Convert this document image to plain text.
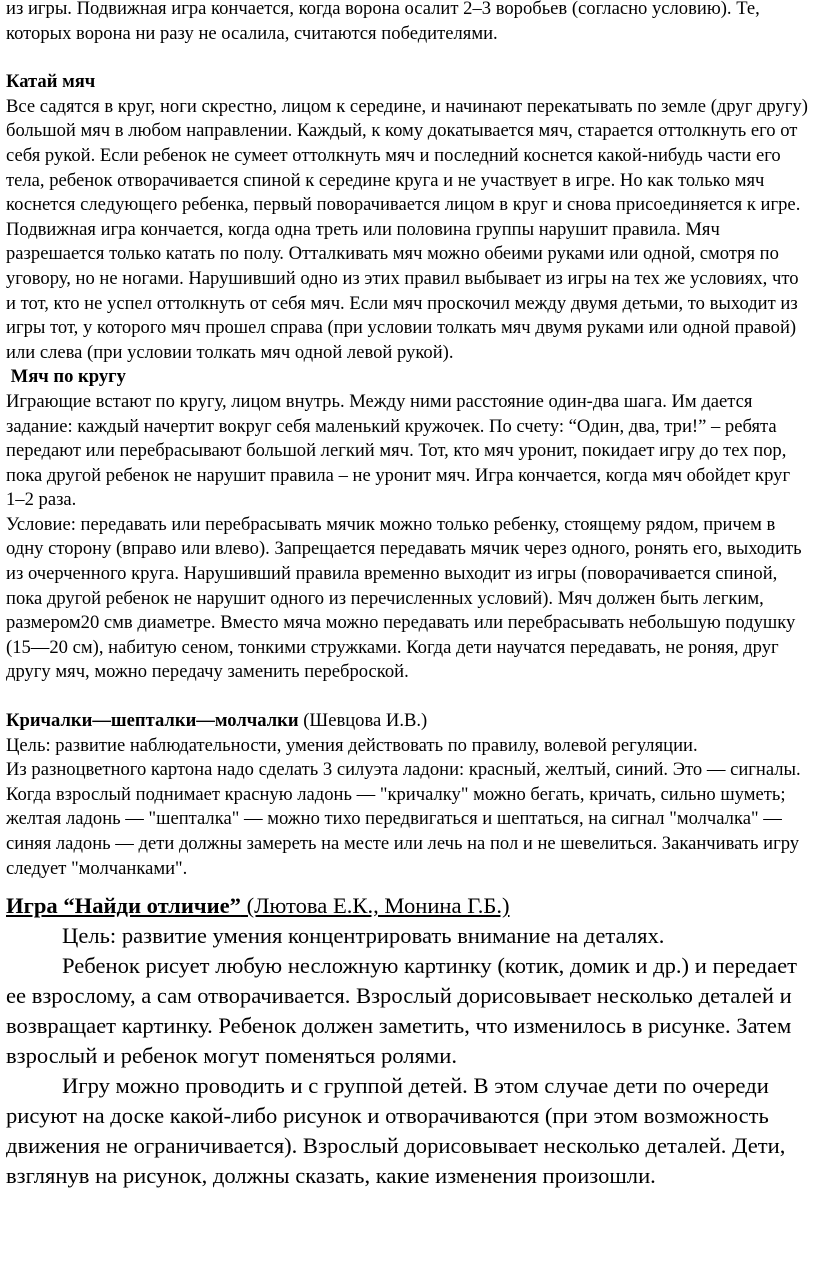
из игры. Подвижная игра кончается, когда ворона осалит 2–3 воробьев (согласно условию). Те, которых ворона ни разу не осалила, считаются победителями.

Катай мяч

Все садятся в круг, ноги скрестно, лицом к середине, и начинают перекатывать по земле (друг другу) большой мяч в любом направлении. Каждый, к кому докатывается мяч, старается оттолкнуть его от себя рукой. Если ребенок не сумеет оттолкнуть мяч и последний коснется какой-нибудь части его тела, ребенок отворачивается спиной к середине круга и не участвует в игре. Но как только мяч коснется следующего ребенка, первый поворачивается лицом в круг и снова присоединяется к игре. Подвижная игра кончается, когда одна треть или половина группы нарушит правила. Мяч разрешается только катать по полу. Отталкивать мяч можно обеими руками или одной, смотря по уговору, но не ногами. Нарушивший одно из этих правил выбывает из игры на тех же условиях, что и тот, кто не успел оттолкнуть от себя мяч. Если мяч проскочил между двумя детьми, то выходит из игры тот, у которого мяч прошел справа (при условии толкать мяч двумя руками или одной правой) или слева (при условии толкать мяч одной левой рукой).

Мяч по кругу

Играющие встают по кругу, лицом внутрь. Между ними расстояние один-два шага. Им дается задание: каждый начертит вокруг себя маленький кружочек. По счету: “Один, два, три!” – ребята передают или перебрасывают большой легкий мяч. Тот, кто мяч уронит, покидает игру до тех пор, пока другой ребенок не нарушит правила – не уронит мяч. Игра кончается, когда мяч обойдет круг 1–2 раза.

Условие: передавать или перебрасывать мячик можно только ребенку, стоящему рядом, причем в одну сторону (вправо или влево). Запрещается передавать мячик через одного, ронять его, выходить из очерченного круга. Нарушивший правила временно выходит из игры (поворачивается спиной, пока другой ребенок не нарушит одного из перечисленных условий). Мяч должен быть легким, размером20 смв диаметре. Вместо мяча можно передавать или перебрасывать небольшую подушку (15—20 см), набитую сеном, тонкими стружками. Когда дети научатся передавать, не роняя, друг другу мяч, можно передачу заменить переброской.

Кричалки—шепталки—молчалки (Шевцова И.В.)

Цель: развитие наблюдательности, умения действовать по правилу, волевой регуляции.

Из разноцветного картона надо сделать 3 силуэта ладони: красный, желтый, синий. Это — сигналы. Когда взрослый поднимает красную ладонь — "кричалку" можно бегать, кричать, сильно шуметь; желтая ладонь — "шепталка" — можно тихо передвигаться и шептаться, на сигнал "молчалка" — синяя ладонь — дети должны замереть на месте или лечь на пол и не шевелиться. Заканчивать игру следует "молчанками".

Игра “Найди отличие” (Лютова Е.К., Монина Г.Б.)

Цель: развитие умения концентрировать внимание на деталях.

Ребенок рисует любую несложную картинку (котик, домик и др.) и передает ее взрослому, а сам отворачивается. Взрослый дорисовывает несколько деталей и возвращает картинку. Ребенок должен заметить, что изменилось в рисунке. Затем взрослый и ребенок могут поменяться ролями.

Игру можно проводить и с группой детей. В этом случае дети по очереди рисуют на доске какой-либо рисунок и отворачиваются (при этом возможность движения не ограничивается). Взрослый дорисовывает несколько деталей. Дети, взглянув на рисунок, должны сказать, какие изменения произошли.
